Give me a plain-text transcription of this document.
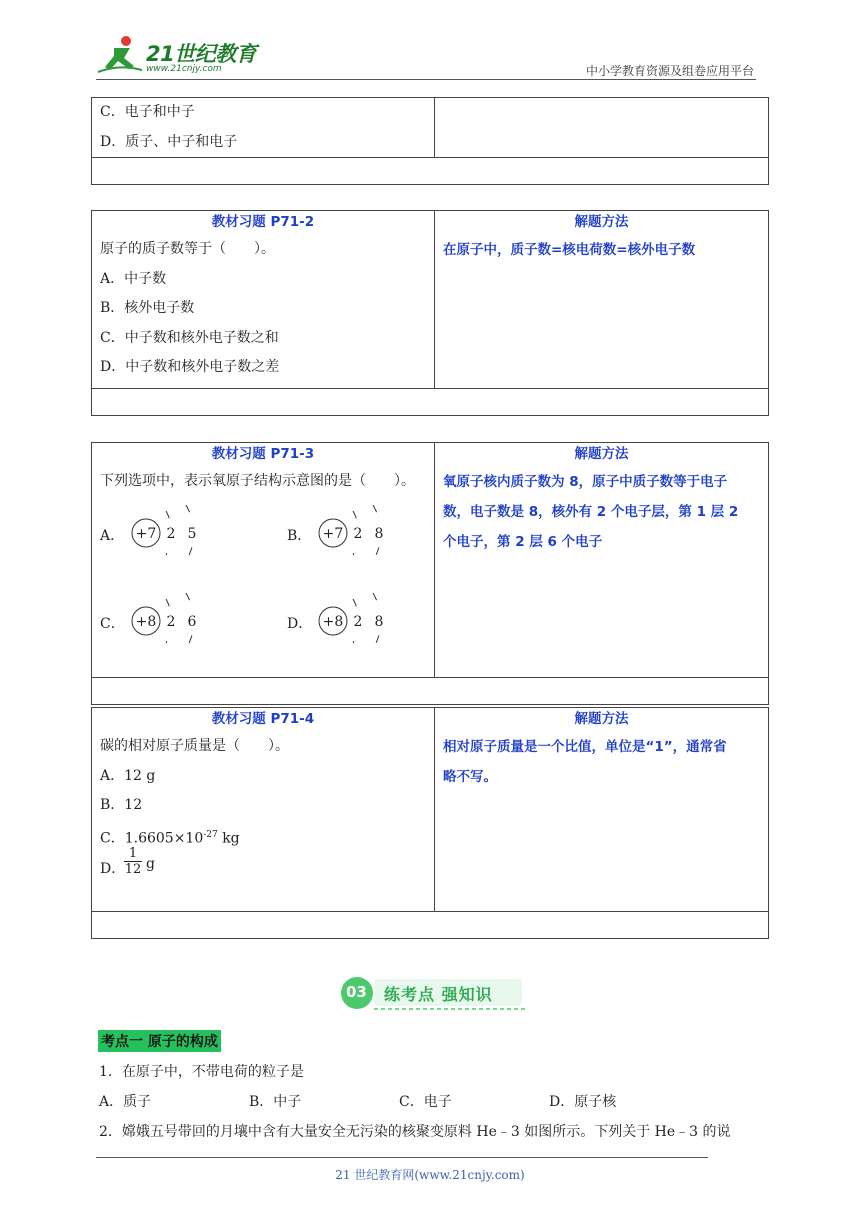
21世纪教育
www.21cnjy.com	中小学教育资源及组卷应用平台
C．电子和中子
D．质子、中子和电子

教材习题 P71-2
原子的质子数等于（　　）。
A．中子数
B．核外电子数
C．中子数和核外电子数之和
D．中子数和核外电子数之差

解题方法
在原子中，质子数=核电荷数=核外电子数

教材习题 P71-3
下列选项中，表示氧原子结构示意图的是（　　）。
A． +7 2 5	B． +7 2 8
C． +8 2 6	D． +8 2 8

解题方法
氧原子核内质子数为 8，原子中质子数等于电子
数，电子数是 8，核外有 2 个电子层，第 1 层 2
个电子，第 2 层 6 个电子

教材习题 P71-4
碳的相对原子质量是（　　）。
A．12 g
B．12
C．$1.6605\times 10^{-27}$ kg
D．
$\frac{1}{12}$ g

解题方法
相对原子质量是一个比值，单位是“1”，通常省
略不写。

03 练考点 强知识
考点一 原子的构成
1．在原子中，不带电荷的粒子是
A．质子	B．中子	C．电子	D．原子核
2．嫦娥五号带回的月壤中含有大量安全无污染的核聚变原料 He﹣3 如图所示。下列关于 He﹣3 的说
21 世纪教育网(www.21cnjy.com)
